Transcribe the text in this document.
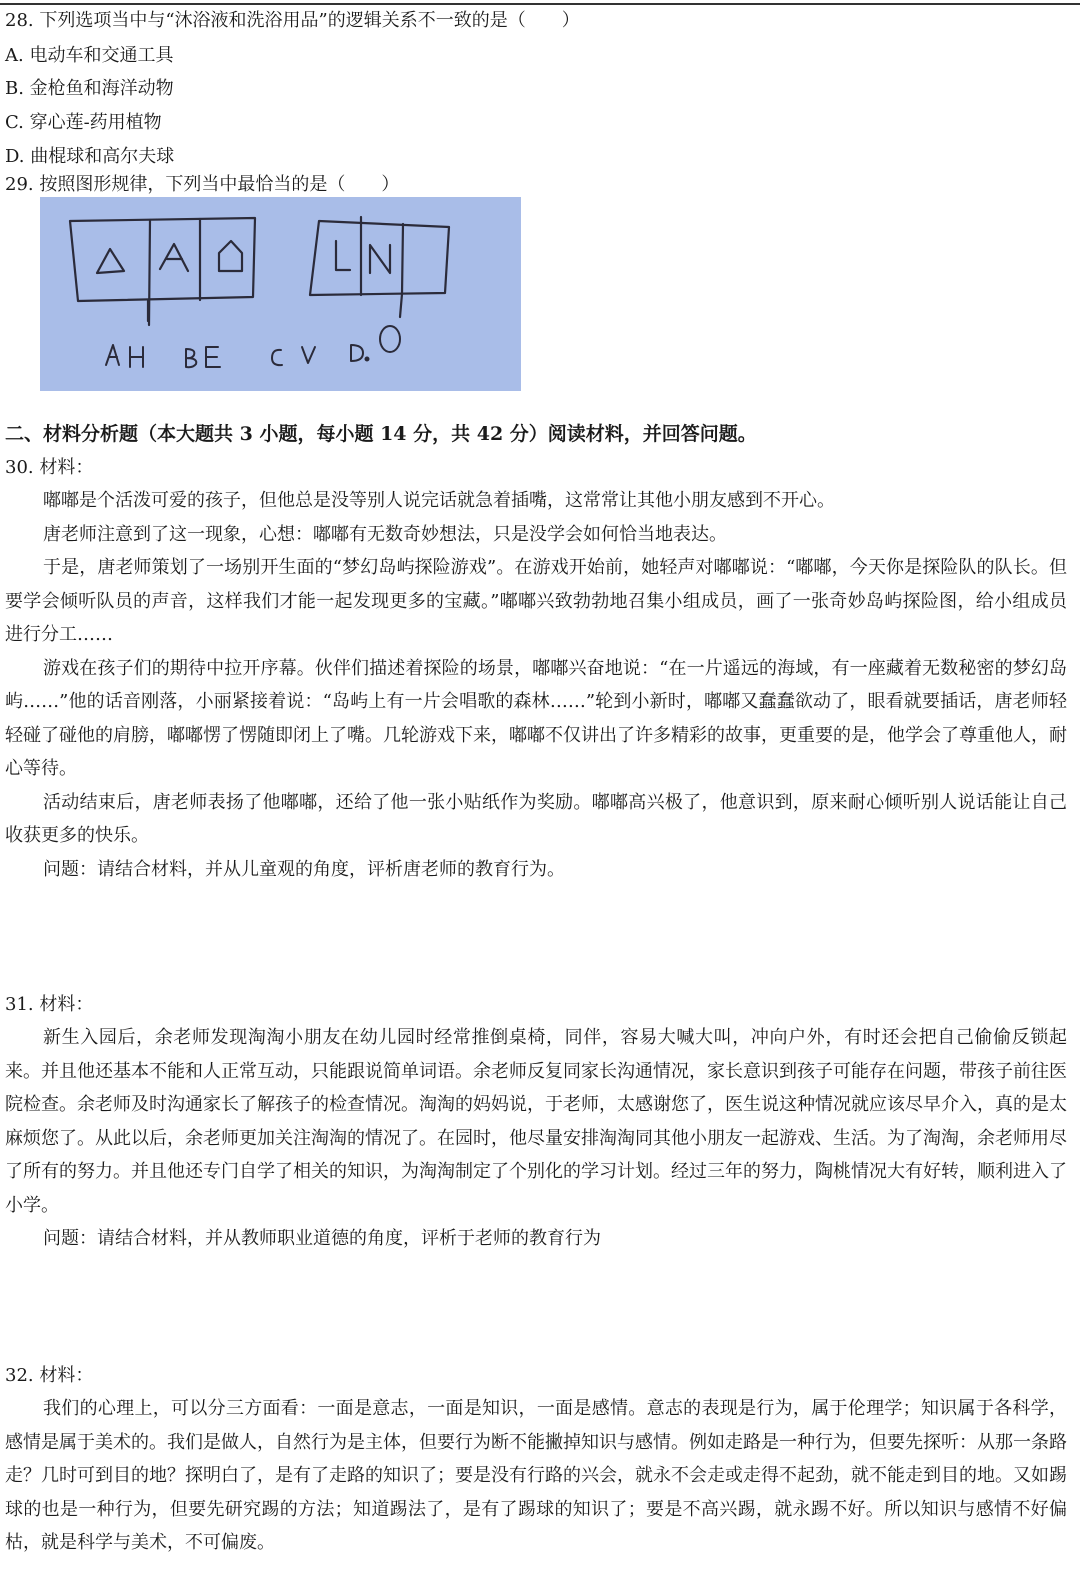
28. 下列选项当中与“沐浴液和洗浴用品”的逻辑关系不一致的是（　　）
A. 电动车和交通工具
B. 金枪鱼和海洋动物
C. 穿心莲-药用植物
D. 曲棍球和高尔夫球
29. 按照图形规律，下列当中最恰当的是（　　）
二、材料分析题（本大题共 3 小题，每小题 14 分，共 42 分）阅读材料，并回答问题。
30. 材料：

嘟嘟是个活泼可爱的孩子，但他总是没等别人说完话就急着插嘴，这常常让其他小朋友感到不开心。

唐老师注意到了这一现象，心想：嘟嘟有无数奇妙想法，只是没学会如何恰当地表达。

于是，唐老师策划了一场别开生面的“梦幻岛屿探险游戏”。在游戏开始前，她轻声对嘟嘟说：“嘟嘟，今天你是探险队的队长。但要学会倾听队员的声音，这样我们才能一起发现更多的宝藏。”嘟嘟兴致勃勃地召集小组成员，画了一张奇妙岛屿探险图，给小组成员进行分工……

游戏在孩子们的期待中拉开序幕。伙伴们描述着探险的场景，嘟嘟兴奋地说：“在一片遥远的海域，有一座藏着无数秘密的梦幻岛屿……”他的话音刚落，小丽紧接着说：“岛屿上有一片会唱歌的森林……”轮到小新时，嘟嘟又蠢蠢欲动了，眼看就要插话，唐老师轻轻碰了碰他的肩膀，嘟嘟愣了愣随即闭上了嘴。几轮游戏下来，嘟嘟不仅讲出了许多精彩的故事，更重要的是，他学会了尊重他人，耐心等待。

活动结束后，唐老师表扬了他嘟嘟，还给了他一张小贴纸作为奖励。嘟嘟高兴极了，他意识到，原来耐心倾听别人说话能让自己收获更多的快乐。

问题：请结合材料，并从儿童观的角度，评析唐老师的教育行为。

31. 材料：

新生入园后，余老师发现淘淘小朋友在幼儿园时经常推倒桌椅，同伴，容易大喊大叫，冲向户外，有时还会把自己偷偷反锁起来。并且他还基本不能和人正常互动，只能跟说简单词语。余老师反复同家长沟通情况，家长意识到孩子可能存在问题，带孩子前往医院检查。余老师及时沟通家长了解孩子的检查情况。淘淘的妈妈说，于老师，太感谢您了，医生说这种情况就应该尽早介入，真的是太麻烦您了。从此以后，余老师更加关注淘淘的情况了。在园时，他尽量安排淘淘同其他小朋友一起游戏、生活。为了淘淘，余老师用尽了所有的努力。并且他还专门自学了相关的知识，为淘淘制定了个别化的学习计划。经过三年的努力，陶桃情况大有好转，顺利进入了小学。

问题：请结合材料，并从教师职业道德的角度，评析于老师的教育行为

32. 材料：

我们的心理上，可以分三方面看：一面是意志，一面是知识，一面是感情。意志的表现是行为，属于伦理学；知识属于各科学，感情是属于美术的。我们是做人，自然行为是主体，但要行为断不能撇掉知识与感情。例如走路是一种行为，但要先探听：从那一条路走？几时可到目的地？探明白了，是有了走路的知识了；要是没有行路的兴会，就永不会走或走得不起劲，就不能走到目的地。又如踢球的也是一种行为，但要先研究踢的方法；知道踢法了，是有了踢球的知识了；要是不高兴踢，就永踢不好。所以知识与感情不好偏枯，就是科学与美术，不可偏废。
